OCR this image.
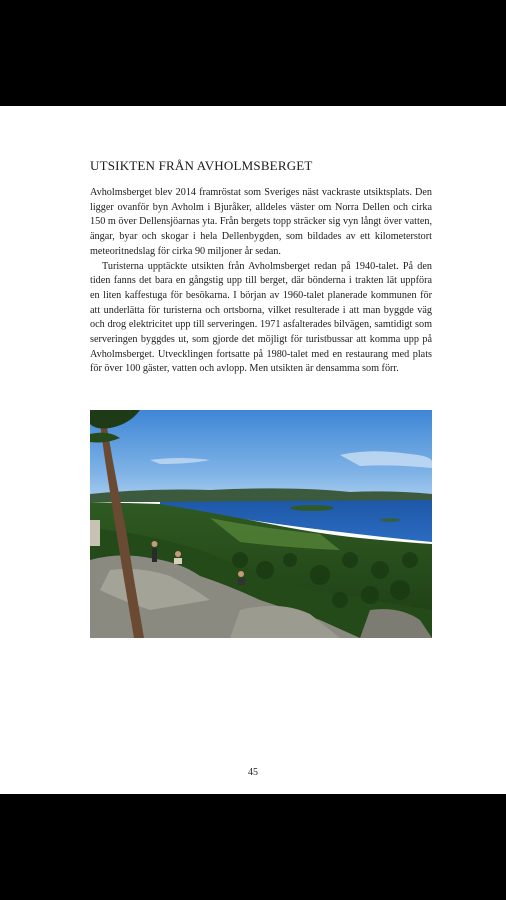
UTSIKTEN FRÅN AVHOLMSBERGET

Avholmsberget blev 2014 framröstat som Sveriges näst vackraste utsiktsplats. Den ligger ovanför byn Avholm i Bjuråker, alldeles väster om Norra Dellen och cirka 150 m över Dellensjöarnas yta. Från bergets topp sträcker sig vyn långt över vatten, ängar, byar och skogar i hela Dellenbygden, som bildades av ett kilometerstort meteoritnedslag för cirka 90 miljoner år sedan.

Turisterna upptäckte utsikten från Avholmsberget redan på 1940-talet. På den tiden fanns det bara en gångstig upp till berget, där bönderna i trakten lät uppföra en liten kaffestuga för besökarna. I början av 1960-talet planerade kommunen för att underlätta för turisterna och ortsborna, vilket resulterade i att man byggde väg och drog elektricitet upp till serveringen. 1971 asfalterades bilvägen, samtidigt som serveringen byggdes ut, som gjorde det möjligt för turistbussar att komma upp på Avholmsberget. Utvecklingen fortsatte på 1980-talet med en restaurang med plats för över 100 gäster, vatten och avlopp. Men utsikten är densamma som förr.

45
